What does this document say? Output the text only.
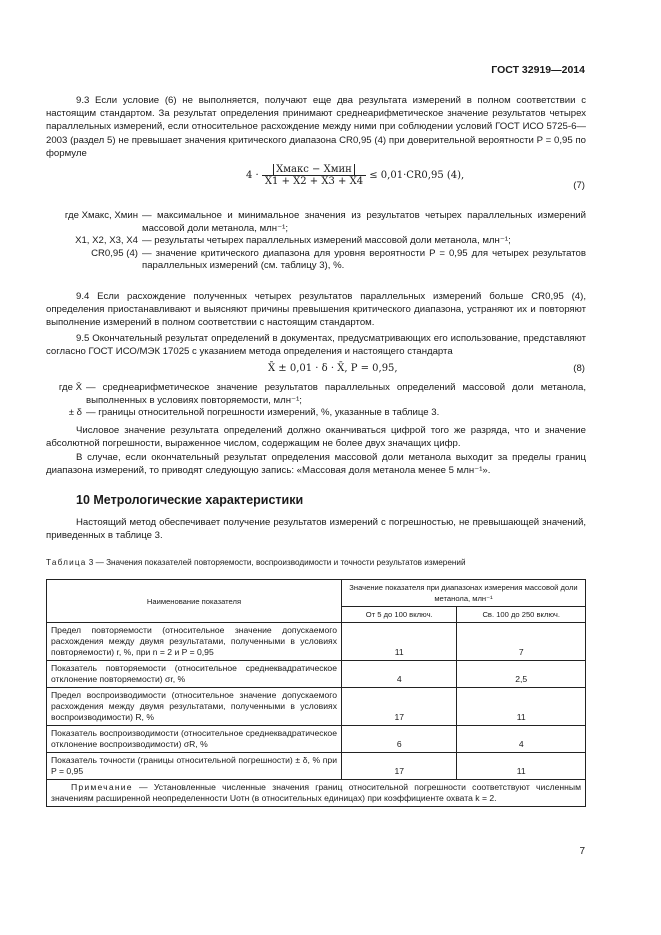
ГОСТ 32919—2014
9.3 Если условие (6) не выполняется, получают еще два результата измерений в полном соответствии с настоящим стандартом. За результат определения принимают среднеарифметическое значение результатов четырех параллельных измерений, если относительное расхождение между ними при соблюдении условий ГОСТ ИСО 5725-6—2003 (раздел 5) не превышает значения критического диапазона CR0,95 (4) при доверительной вероятности P = 0,95 по формуле
$4 \cdot \frac{\text{Xмакс − Xмин}}{X1 + X2 + X3 + X4} \le 0,01\cdot CR0,95$ (4),
(7)
где Xмакс, Xмин — максимальное и минимальное значения из результатов четырех параллельных измерений массовой доли метанола, млн⁻¹;
X1, X2, X3, X4 — результаты четырех параллельных измерений массовой доли метанола, млн⁻¹;
CR0,95 (4) — значение критического диапазона для уровня вероятности P = 0,95 для четырех результатов параллельных измерений (см. таблицу 3), %.
9.4 Если расхождение полученных четырех результатов параллельных измерений больше CR0,95 (4), определения приостанавливают и выясняют причины превышения критического диапазона, устраняют их и повторяют выполнение измерений в полном соответствии с настоящим стандартом.
9.5 Окончательный результат определений в документах, предусматривающих его использование, представляют согласно ГОСТ ИСО/МЭК 17025 с указанием метода определения и настоящего стандарта
X̄ ± 0,01 · δ · X̄, P = 0,95,	(8)
где X̄ — среднеарифметическое значение результатов параллельных определений массовой доли метанола, выполненных в условиях повторяемости, млн⁻¹;
± δ — границы относительной погрешности измерений, %, указанные в таблице 3.
Числовое значение результата определений должно оканчиваться цифрой того же разряда, что и значение абсолютной погрешности, выраженное числом, содержащим не более двух значащих цифр.
В случае, если окончательный результат определения массовой доли метанола выходит за пределы границ диапазона измерений, то приводят следующую запись: «Массовая доля метанола менее 5 млн⁻¹».
10 Метрологические характеристики
Настоящий метод обеспечивает получение результатов измерений с погрешностью, не превышающей значений, приведенных в таблице 3.
Таблица 3 — Значения показателей повторяемости, воспроизводимости и точности результатов измерений
Наименование показателя	Значение показателя при диапазонах измерения массовой доли метанола, млн⁻¹	
	От 5 до 100 включ.	Св. 100 до 250 включ.
Предел повторяемости (относительное значение допускаемого расхождения между двумя результатами, полученными в условиях повторяемости) r, %, при n = 2 и P = 0,95	11	7
Показатель повторяемости (относительное среднеквадратическое отклонение повторяемости) σr, %	4	2,5
Предел воспроизводимости (относительное значение допускаемого расхождения между двумя результатами, полученными в условиях воспроизводимости) R, %	17	11
Показатель воспроизводимости (относительное среднеквадратическое отклонение воспроизводимости) σR, %	6	4
Показатель точности (границы относительной погрешности) ± δ, % при P = 0,95	17	11
Примечание — Установленные численные значения границ относительной погрешности соответствуют численным значениям расширенной неопределенности Uотн (в относительных единицах) при коэффициенте охвата k = 2.		
7
